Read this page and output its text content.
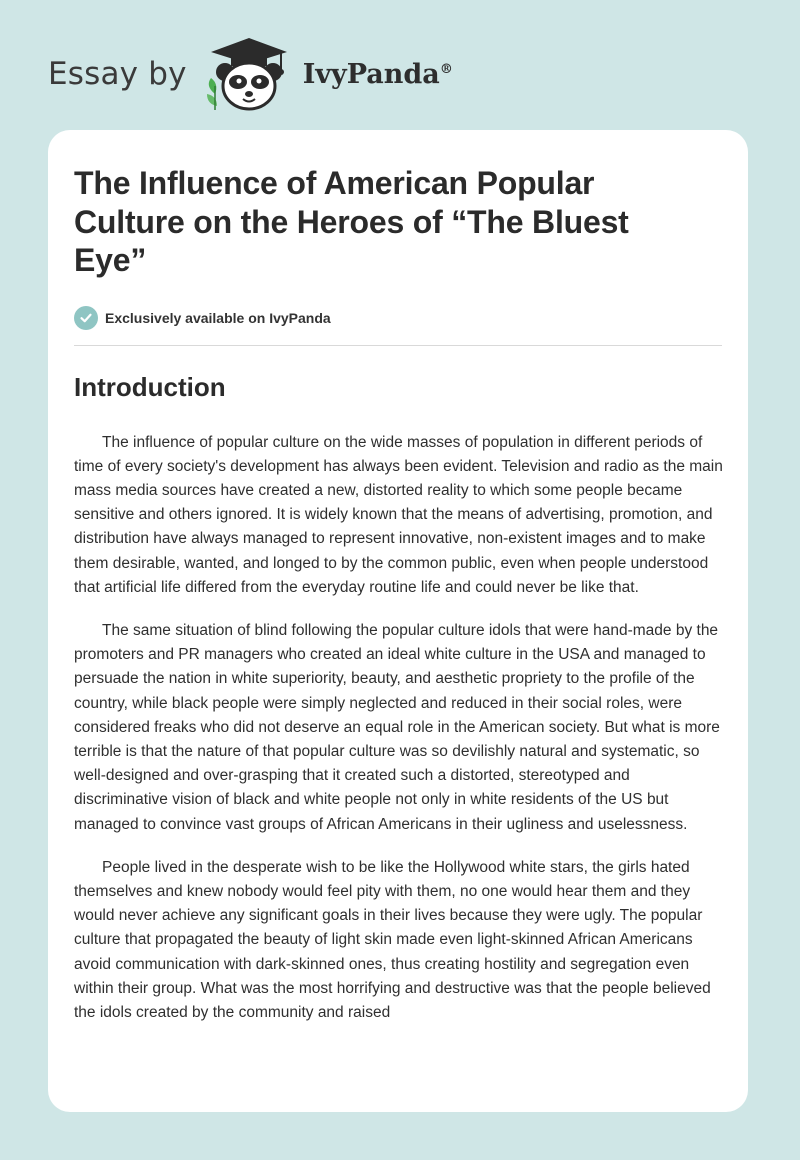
Essay by	IvyPanda®
The Influence of American Popular Culture on the Heroes of “The Bluest Eye”
Exclusively available on IvyPanda
Introduction

The influence of popular culture on the wide masses of population in different periods of time of every society's development has always been evident. Television and radio as the main mass media sources have created a new, distorted reality to which some people became sensitive and others ignored. It is widely known that the means of advertising, promotion, and distribution have always managed to represent innovative, non-existent images and to make them desirable, wanted, and longed to by the common public, even when people understood that artificial life differed from the everyday routine life and could never be like that.

The same situation of blind following the popular culture idols that were hand-made by the promoters and PR managers who created an ideal white culture in the USA and managed to persuade the nation in white superiority, beauty, and aesthetic propriety to the profile of the country, while black people were simply neglected and reduced in their social roles, were considered freaks who did not deserve an equal role in the American society. But what is more terrible is that the nature of that popular culture was so devilishly natural and systematic, so well-designed and over-grasping that it created such a distorted, stereotyped and discriminative vision of black and white people not only in white residents of the US but managed to convince vast groups of African Americans in their ugliness and uselessness.

People lived in the desperate wish to be like the Hollywood white stars, the girls hated themselves and knew nobody would feel pity with them, no one would hear them and they would never achieve any significant goals in their lives because they were ugly. The popular culture that propagated the beauty of light skin made even light-skinned African Americans avoid communication with dark-skinned ones, thus creating hostility and segregation even within their group. What was the most horrifying and destructive was that the people believed the idols created by the community and raised
